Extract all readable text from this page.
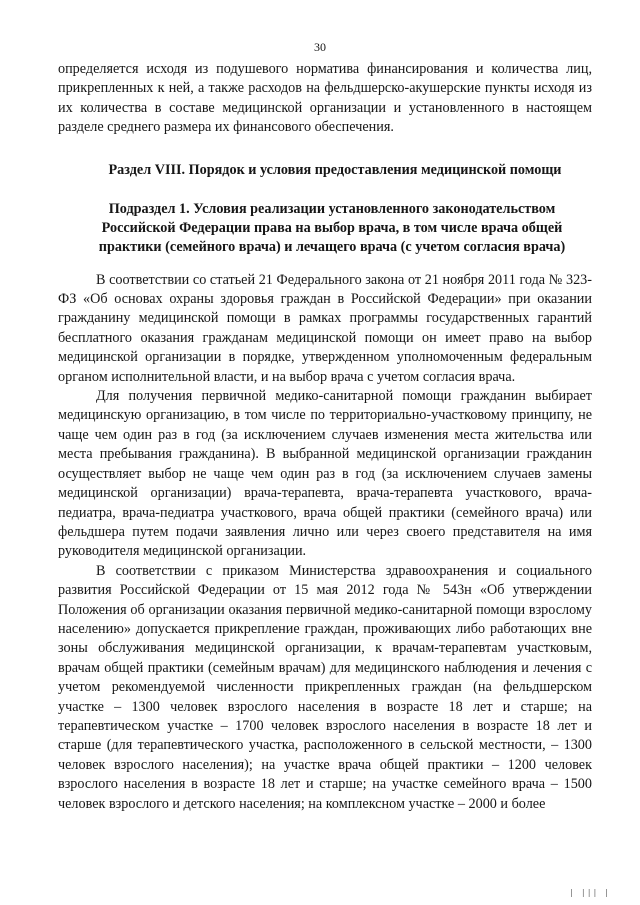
30

определяется исходя из подушевого норматива финансирования и количества лиц, прикрепленных к ней, а также расходов на фельдшерско-акушерские пункты исходя из их количества в составе медицинской организации и установленного в настоящем разделе среднего размера их финансового обеспечения.

Раздел VIII. Порядок и условия предоставления медицинской помощи
Подраздел 1. Условия реализации установленного законодательством Российской Федерации права на выбор врача, в том числе врача общей практики (семейного врача) и лечащего врача (с учетом согласия врача)

В соответствии со статьей 21 Федерального закона от 21 ноября 2011 года № 323-ФЗ «Об основах охраны здоровья граждан в Российской Федерации» при оказании гражданину медицинской помощи в рамках программы государственных гарантий бесплатного оказания гражданам медицинской помощи он имеет право на выбор медицинской организации в порядке, утвержденном уполномоченным федеральным органом исполнительной власти, и на выбор врача с учетом согласия врача.

Для получения первичной медико-санитарной помощи гражданин выбирает медицинскую организацию, в том числе по территориально-участковому принципу, не чаще чем один раз в год (за исключением случаев изменения места жительства или места пребывания гражданина). В выбранной медицинской организации гражданин осуществляет выбор не чаще чем один раз в год (за исключением случаев замены медицинской организации) врача-терапевта, врача-терапевта участкового, врача-педиатра, врача-педиатра участкового, врача общей практики (семейного врача) или фельдшера путем подачи заявления лично или через своего представителя на имя руководителя медицинской организации.

В соответствии с приказом Министерства здравоохранения и социального развития Российской Федерации от 15 мая 2012 года № 543н «Об утверждении Положения об организации оказания первичной медико-санитарной помощи взрослому населению» допускается прикрепление граждан, проживающих либо работающих вне зоны обслуживания медицинской организации, к врачам-терапевтам участковым, врачам общей практики (семейным врачам) для медицинского наблюдения и лечения с учетом рекомендуемой численности прикрепленных граждан (на фельдшерском участке – 1300 человек взрослого населения в возрасте 18 лет и старше; на терапевтическом участке – 1700 человек взрослого населения в возрасте 18 лет и старше (для терапевтического участка, расположенного в сельской местности, – 1300 человек взрослого населения); на участке врача общей практики – 1200 человек взрослого населения в возрасте 18 лет и старше; на участке семейного врача – 1500 человек взрослого и детского населения; на комплексном участке – 2000 и более

| ||| |
